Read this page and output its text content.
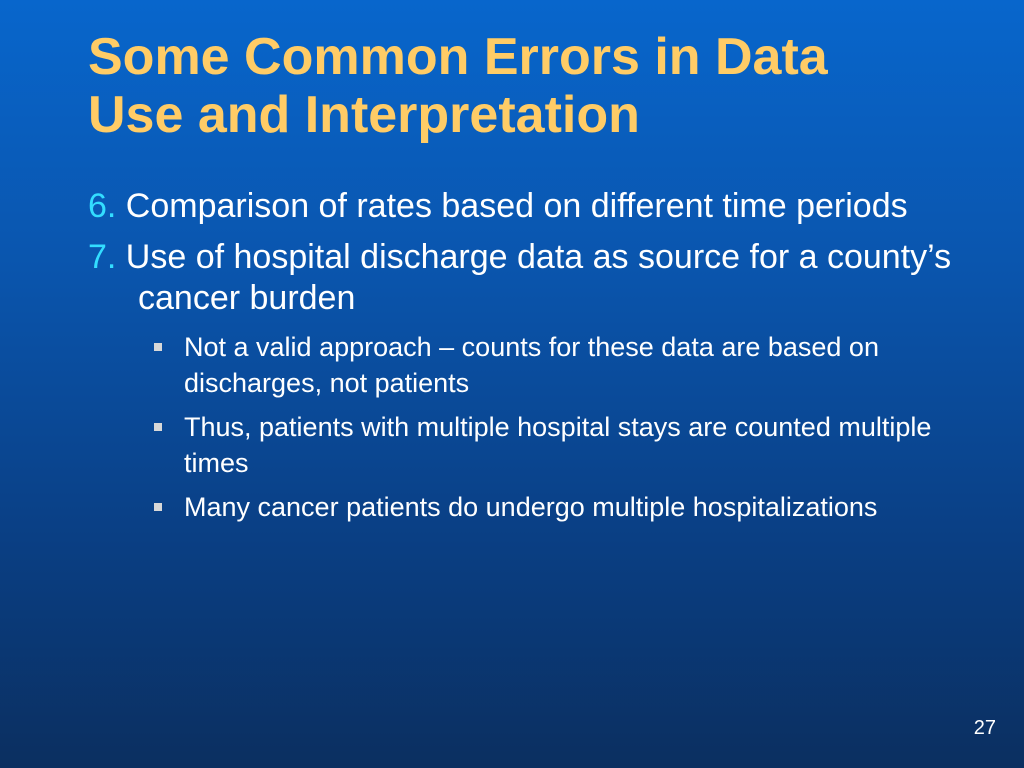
Some Common Errors in Data
Use and Interpretation
6. Comparison of rates based on different time periods
7. Use of hospital discharge data as source for a county’s cancer burden
Not a valid approach – counts for these data are based on discharges, not patients
Thus, patients with multiple hospital stays are counted multiple times
Many cancer patients do undergo multiple hospitalizations
27
